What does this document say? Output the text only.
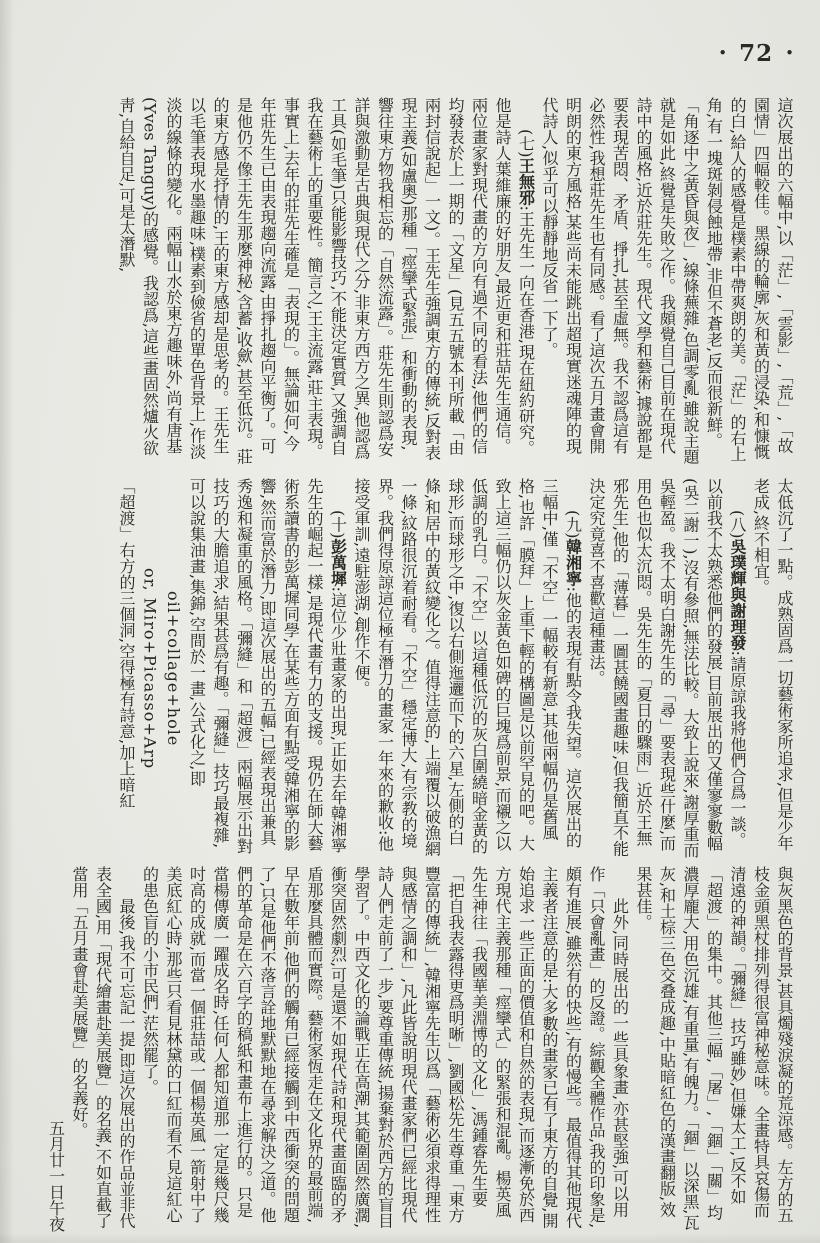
• 72 •

這次展出的六幅中,以「茫」,「雲影」,「荒」,「故園情」四幅較佳。黑線的輪廓,灰和黃的浸染,和慷慨的白,給人的感覺是樸素中帶爽朗的美。「茫」的右上角,有一塊斑剝侵蝕地帶,非但不蒼老,反而很新鮮。「角逐中之黃昏與夜」,線條蕪雜,色調零亂,雖說主題就是如此,終覺是失敗之作。我頗覺自己目前在現代詩中的風格,近於莊先生。現代文學和藝術,據說都是要表現苦悶、矛盾、掙扎,甚至虛無。我不認爲這有必然性,我想莊先生也有同感。看了這次五月畫會開明朗的東方風格,某些尚未能跳出超現實迷魂陣的現代詩人,似乎可以靜靜地反省一下了。

(七)王無邪:王先生一向在香港,現在紐約研究。他是詩人葉維廉的好朋友,最近更和莊喆先生通信。兩位畫家對現代畫的方向有過不同的看法,他們的信均發表於上一期的「文星」(見五五號本刊所載「由兩封信說起」一文)。王先生強調東方的傳統,反對表現主義(如盧奧)那種「痙攣式緊張」和衝動的表現,響往東方物我相忘的「自然流露」。莊先生則認爲安詳與激動是古典與現代之分,非東方西方之異,他認爲工具(如毛筆)只能影響技巧,不能決定實質,又強調自我在藝術上的重要性。簡言之,王主流露,莊主表現。事實上,去年的莊先生確是「表現的」。無論如何,今年莊先生已由表現趨向流露,由掙扎趨向平衡了。可是他仍不像王先生那麼神秘,含蓄,收歛,甚至低沉。莊的東方感是抒情的,王的東方感却是思考的。王先生以毛筆表現水墨趣味,樸素到儉省的單色背景上,作淡淡的線條的變化。兩幅山水於東方趣味外,尚有唐基(Yves Tanguy)的感覺。我認爲,這些畫固然爐火欲靑,自給自足,可是太潛默,

太低沉了一點。成熟固爲一切藝術家所追求,但是少年老成,終不相宜。

(八)吳璞輝與謝理發:請原諒我將他們合爲一談。以前我不太熟悉他們的發展,目前展出的又僅寥寥數幅(吳二謝一),沒有參照,無法比較。大致上說來,謝厚重而吳輕盈。我不太明白謝先生的「尋」要表現些什麼,而用色也似太沉悶。吳先生的「夏日的驟雨」近於王無邪先生,他的「薄暮」一圖甚饒國畫趣味,但我簡直不能決定究竟喜不喜歡這種畫法。

(九)韓湘寧:他的表現有點令我失望。這次展出的三幅中,僅「不空」一幅較有新意,其他兩幅仍是舊風格,也許「膜拜」上重下輕的構圖是以前罕見的吧。大致上這三幅仍以灰金黃色如碑的巨塊爲前景,而襯之以低調的乳白。「不空」以這種低沉的灰白圍繞暗金黃的球形,而球形之中,復以右側迤邐而下的六星,左側的白條,和居中的黃紋變化之。值得注意的,上端覆以破漁網一條,紋路很沉着耐看。「不空」穩定博大,有宗教的境界。我們得原諒這位極有潛力的畫家一年來的歉收:他接受軍訓,遠駐澎湖,創作不便。

(十)彭萬墀:這位少壯畫家的出現,正如去年韓湘寧先生的崛起一樣,是現代畫有力的支援。現仍在師大藝術系讀書的彭萬墀同學,在某些方面有點受韓湘寧的影響,然而富於潛力,即這次展出的五幅,已經表現出兼具秀逸和凝重的風格。「彌縫」和「超渡」兩幅展示出對技巧的大膽追求,結果甚爲有趣。「彌縫」技巧最複雜,可以說集油畫,集錦,空間於一畫,公式化之,即

oil+collage+hole

or, Miro+Picasso+Arp

「超渡」右方的三個洞,空得極有詩意,加上暗紅

與灰黑色的背景,甚具燭殘淚凝的荒涼感。左方的五枝金頭黑杖排列得很富神秘意味。全畫特具哀傷而清遠的神韻。「彌縫」技巧雖妙,但嫌太工,反不如「超渡」的集中。其他三幅,「屠」,「錮」「關」均濃厚龐大,用色沉雄,有重量,有魄力。「錮」以深黑,瓦灰,和土棕三色交叠成趣,中貼暗紅色的漢畫翻版,效果甚佳。

此外,同時展出的一些具象畫,亦甚堅強,可以用作「只會亂畫」的反證。綜觀全體作品,我的印象是,頗有進展,雖然有的快些,有的慢些。最值得其他現代主義者注意的是:大多數的畫家已有了東方的自覺,開始追求一些正面的價值和自然的表現,而逐漸免於西方現代主義那種「痙攣式」的緊張和混亂。楊英風先生神往「我國華美淵博的文化」,馮鍾睿先生要「把自我表露得更爲明晰」,劉國松先生尊重「東方豐富的傳統」,韓湘寧先生以爲「藝術必須求得理性與感情之調和」,凡此皆說明現代畫家們已經比現代詩人們走前了一步,要尊重傳統,揚棄對於西方的盲目學習了。中西文化的論戰正在高潮,其範圍固然廣濶,衝突固然劇烈,可是還不如現代詩和現代畫面臨的矛盾那麼具體而實際。藝術家恆走在文化界的最前端,早在數年前,他們的觸角已經接觸到中西衝突的問題了,只是他們不落言詮地默默地在尋求解決之道。他們的革命是在六百字的稿紙和畫布上進行的。只是當楊傳廣一躍成名時,任何人都知道那一定是幾尺幾吋高的成就,而當一個莊喆或一個楊英風一箭射中了美底紅心時,那些只看見林黛的口紅而看不見這紅心的患色盲的小市民們,茫然罷了。

最後,我不可忘記一提,即這次展出的作品並非代表全國,用「現代繪畫赴美展覽」的名義,不如直截了當用「五月畫會赴美展覽」的名義好。

五月廿一日午夜
